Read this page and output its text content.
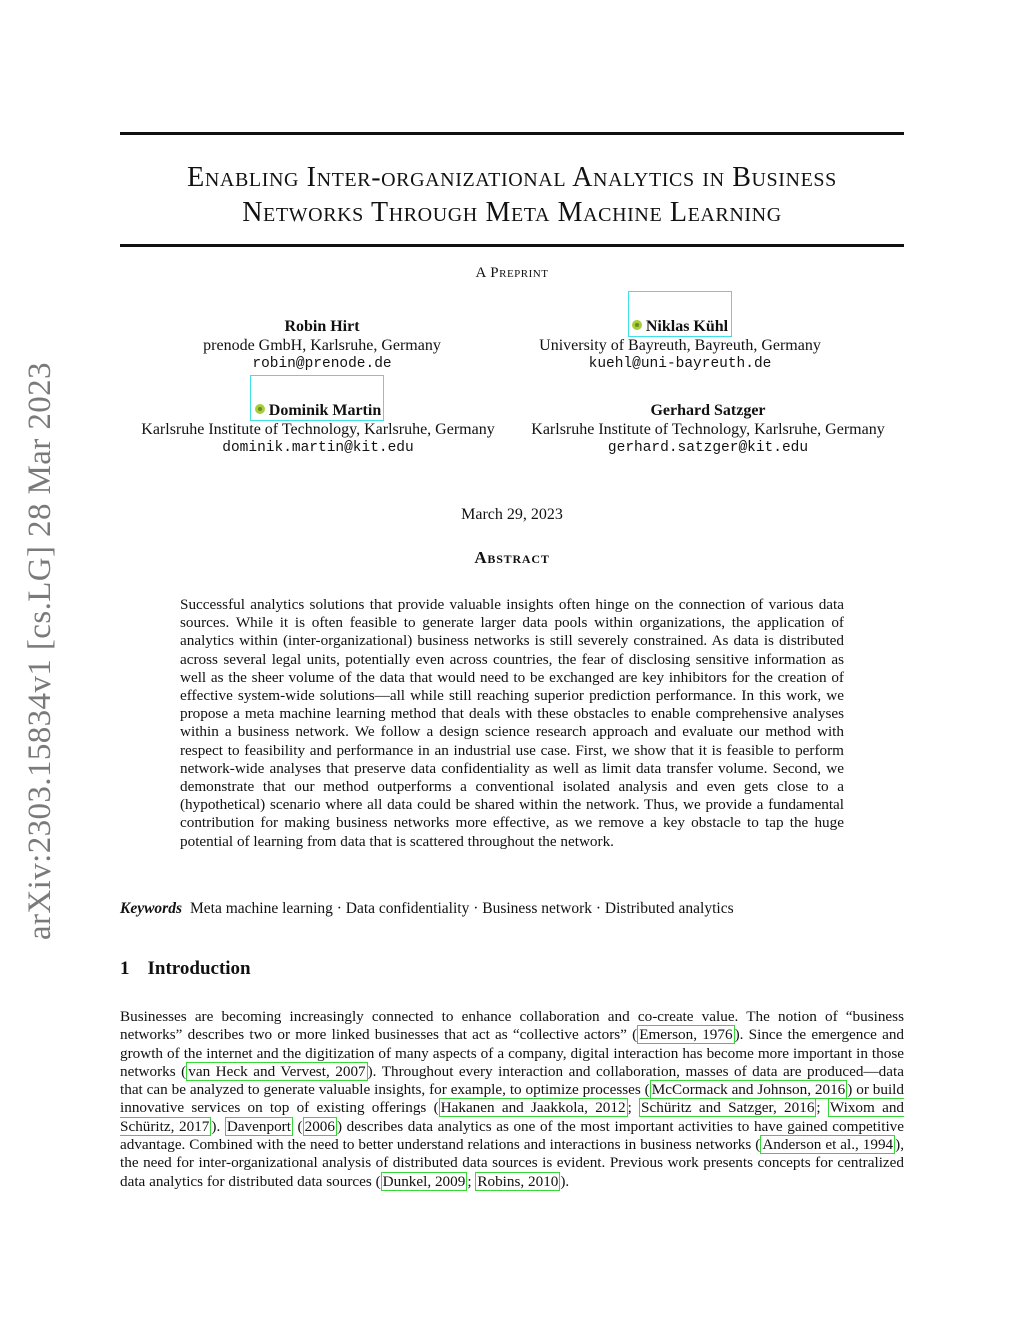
arXiv:2303.15834v1 [cs.LG] 28 Mar 2023
Enabling Inter-organizational Analytics in Business
Networks Through Meta Machine Learning
A Preprint
Robin Hirt
prenode GmbH, Karlsruhe, Germany
robin@prenode.de
Niklas Kühl
University of Bayreuth, Bayreuth, Germany
kuehl@uni-bayreuth.de
Dominik Martin
Karlsruhe Institute of Technology, Karlsruhe, Germany
dominik.martin@kit.edu
Gerhard Satzger
Karlsruhe Institute of Technology, Karlsruhe, Germany
gerhard.satzger@kit.edu
March 29, 2023
Abstract
Successful analytics solutions that provide valuable insights often hinge on the connection of various data sources. While it is often feasible to generate larger data pools within organizations, the application of analytics within (inter-organizational) business networks is still severely constrained. As data is distributed across several legal units, potentially even across countries, the fear of disclosing sensitive information as well as the sheer volume of the data that would need to be exchanged are key inhibitors for the creation of effective system-wide solutions—all while still reaching superior prediction performance. In this work, we propose a meta machine learning method that deals with these obstacles to enable comprehensive analyses within a business network. We follow a design science research approach and evaluate our method with respect to feasibility and performance in an industrial use case. First, we show that it is feasible to perform network-wide analyses that preserve data confidentiality as well as limit data transfer volume. Second, we demonstrate that our method outperforms a conventional isolated analysis and even gets close to a (hypothetical) scenario where all data could be shared within the network. Thus, we provide a fundamental contribution for making business networks more effective, as we remove a key obstacle to tap the huge potential of learning from data that is scattered throughout the network.
Keywords Meta machine learning · Data confidentiality · Business network · Distributed analytics
1 Introduction
Businesses are becoming increasingly connected to enhance collaboration and co-create value. The notion of “business networks” describes two or more linked businesses that act as “collective actors” ( Emerson, 1976 ). Since the emergence and growth of the internet and the digitization of many aspects of a company, digital interaction has become more important in those networks ( van Heck and Vervest, 2007 ). Throughout every interaction and collaboration, masses of data are produced—data that can be analyzed to generate valuable insights, for example, to optimize processes ( McCormack and Johnson, 2016 ) or build innovative services on top of existing offerings ( Hakanen and Jaakkola, 2012 ; Schüritz and Satzger, 2016 ; Wixom and Schüritz, 2017 ). Davenport ( 2006 ) describes data analytics as one of the most important activities to have gained competitive advantage. Combined with the need to better understand relations and interactions in business networks ( Anderson et al., 1994 ), the need for inter-organizational analysis of distributed data sources is evident. Previous work presents concepts for centralized data analytics for distributed data sources ( Dunkel, 2009 ; Robins, 2010 ).
